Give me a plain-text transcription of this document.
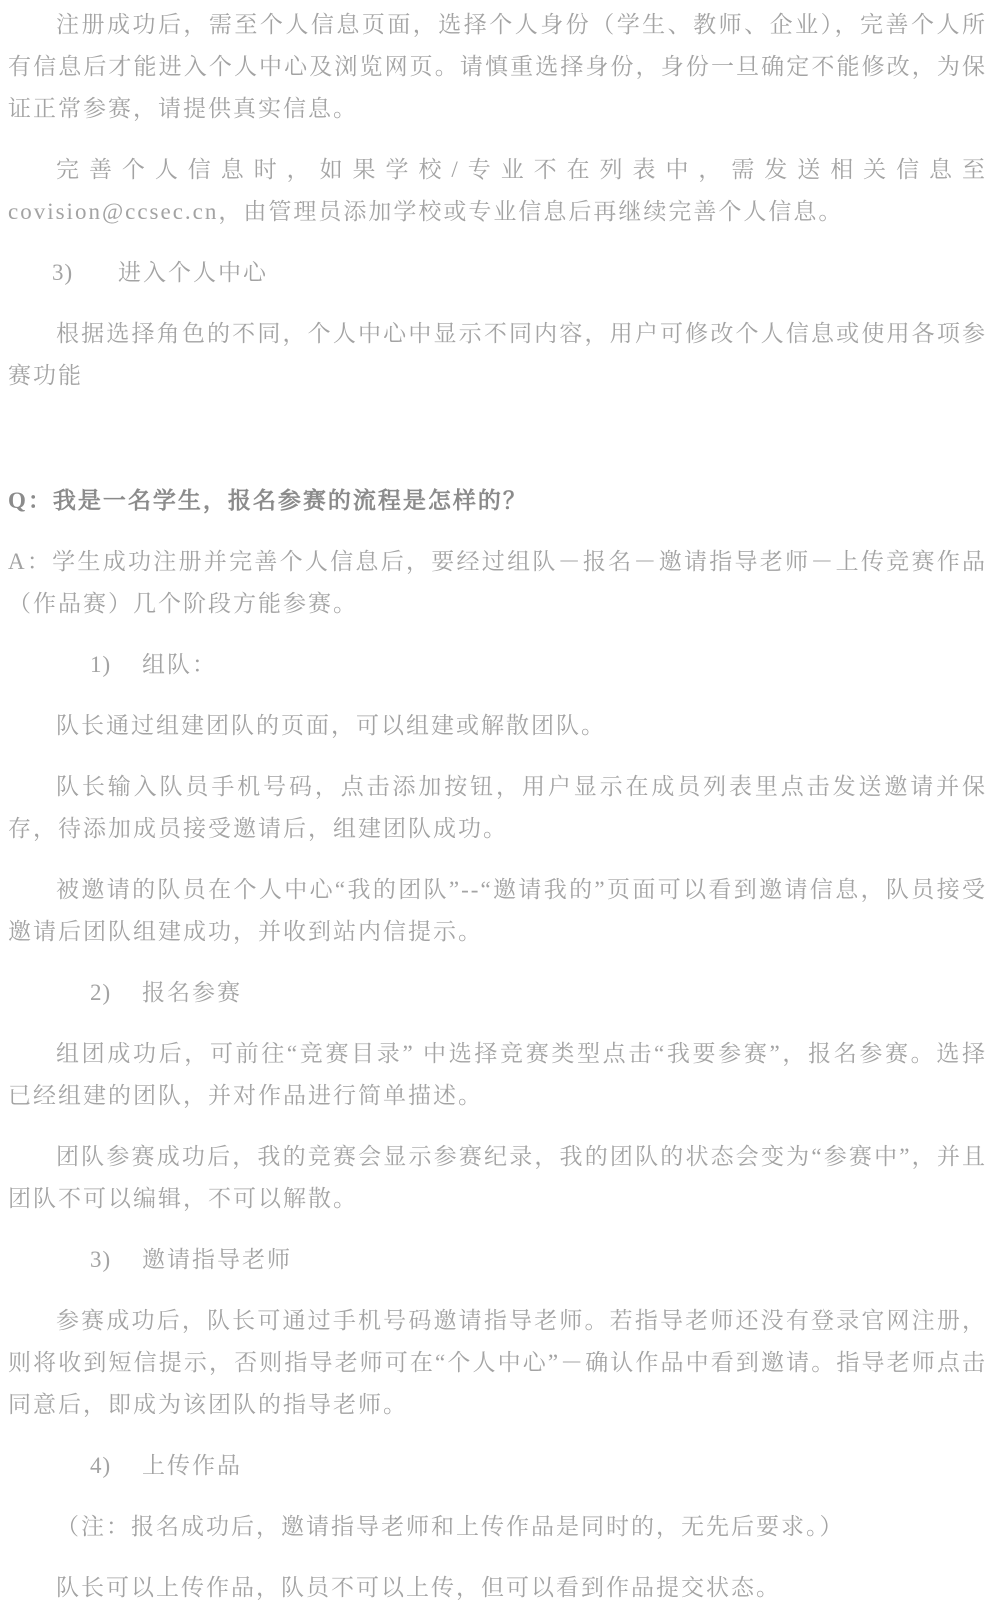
注册成功后，需至个人信息页面，选择个人身份（学生、教师、企业），完善个人所有信息后才能进入个人中心及浏览网页。请慎重选择身份，身份一旦确定不能修改，为保证正常参赛，请提供真实信息。

完善个人信息时，如果学校/专业不在列表中，需发送相关信息至covision@ccsec.cn，由管理员添加学校或专业信息后再继续完善个人信息。

3) 进入个人中心

根据选择角色的不同，个人中心中显示不同内容，用户可修改个人信息或使用各项参赛功能

Q：我是一名学生，报名参赛的流程是怎样的？

A：学生成功注册并完善个人信息后，要经过组队－报名－邀请指导老师－上传竞赛作品（作品赛）几个阶段方能参赛。

1) 组队：

队长通过组建团队的页面，可以组建或解散团队。

队长输入队员手机号码，点击添加按钮，用户显示在成员列表里点击发送邀请并保存，待添加成员接受邀请后，组建团队成功。

被邀请的队员在个人中心“我的团队”--“邀请我的”页面可以看到邀请信息，队员接受邀请后团队组建成功，并收到站内信提示。

2) 报名参赛

组团成功后，可前往“竞赛目录” 中选择竞赛类型点击“我要参赛”，报名参赛。选择已经组建的团队，并对作品进行简单描述。

团队参赛成功后，我的竞赛会显示参赛纪录，我的团队的状态会变为“参赛中”，并且团队不可以编辑，不可以解散。

3) 邀请指导老师

参赛成功后，队长可通过手机号码邀请指导老师。若指导老师还没有登录官网注册，则将收到短信提示，否则指导老师可在“个人中心”－确认作品中看到邀请。指导老师点击同意后，即成为该团队的指导老师。

4) 上传作品

（注：报名成功后，邀请指导老师和上传作品是同时的，无先后要求。）

队长可以上传作品，队员不可以上传，但可以看到作品提交状态。
